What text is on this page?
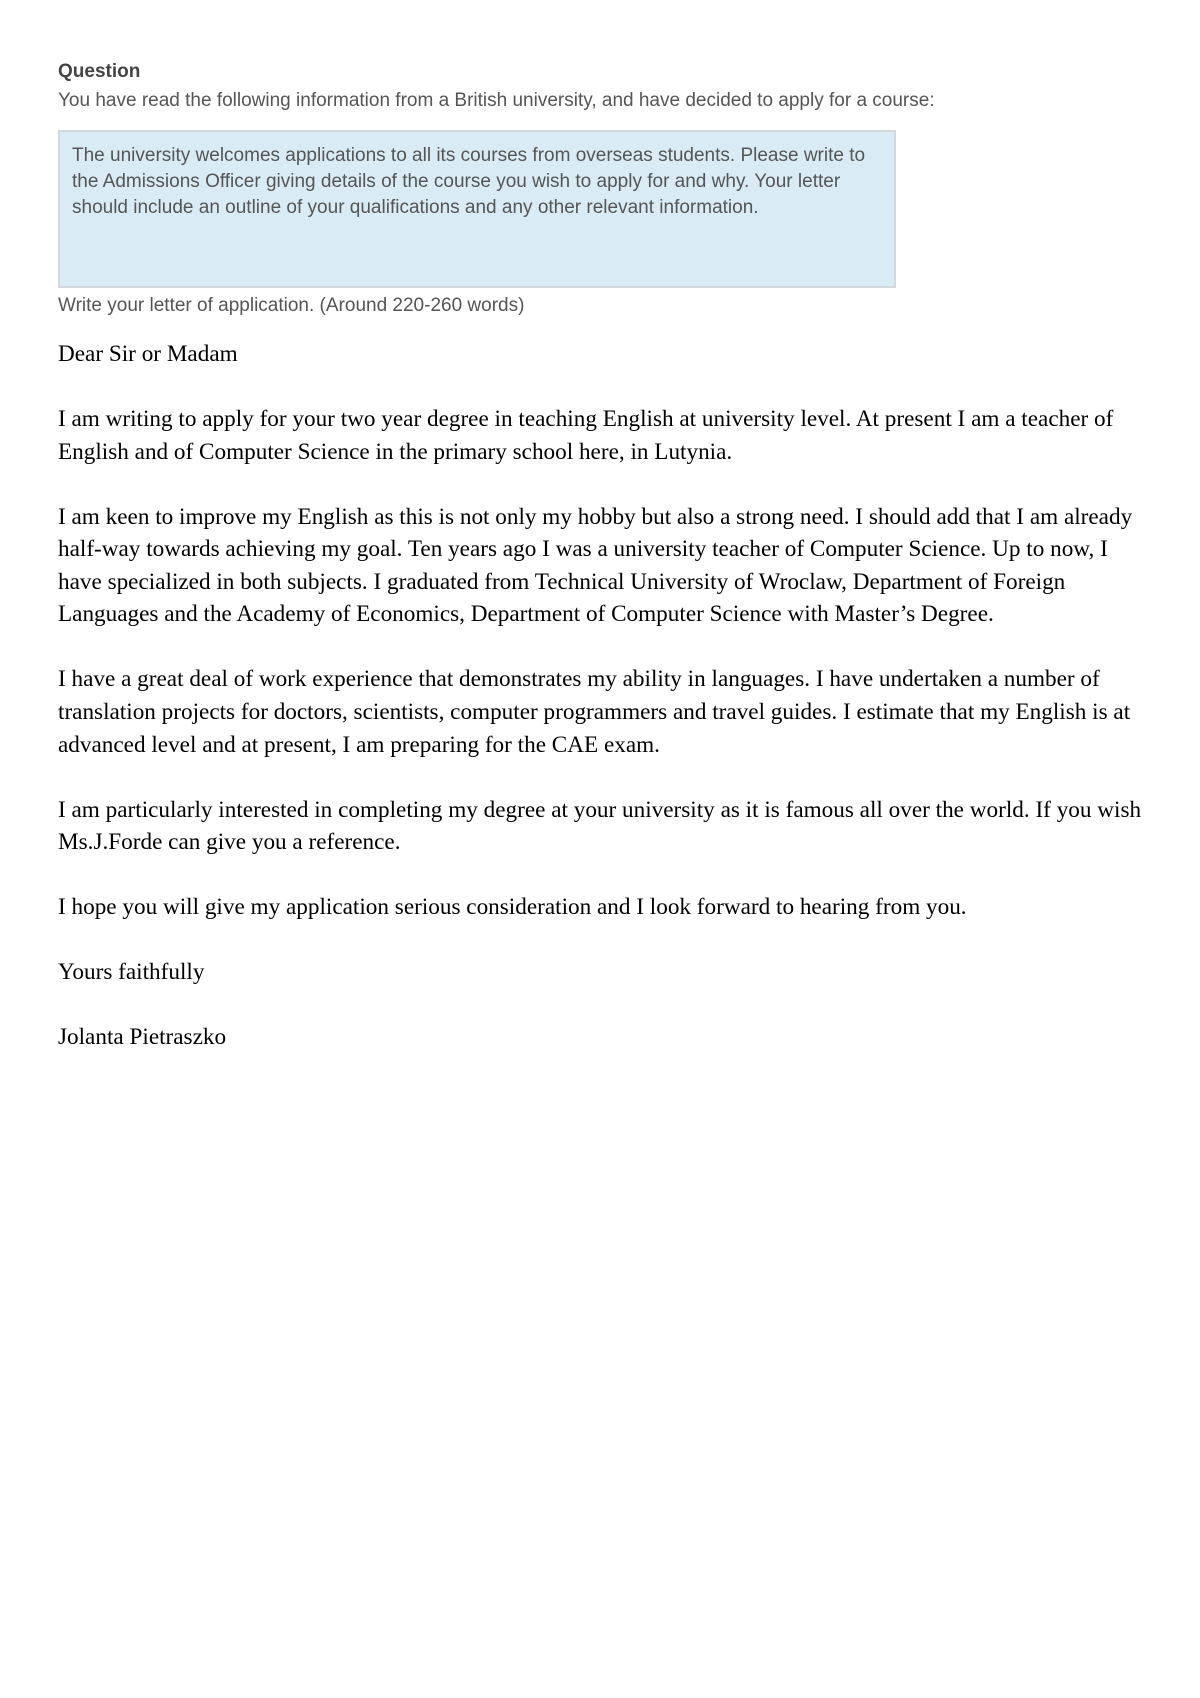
Question

You have read the following information from a British university, and have decided to apply for a course:

The university welcomes applications to all its courses from overseas students. Please write to the Admissions Officer giving details of the course you wish to apply for and why. Your letter should include an outline of your qualifications and any other relevant information.

Write your letter of application. (Around 220-260 words)

Dear Sir or Madam

I am writing to apply for your two year degree in teaching English at university level. At present I am a teacher of English and of Computer Science in the primary school here, in Lutynia.

I am keen to improve my English as this is not only my hobby but also a strong need. I should add that I am already half-way towards achieving my goal. Ten years ago I was a university teacher of Computer Science. Up to now, I have specialized in both subjects. I graduated from Technical University of Wroclaw, Department of Foreign Languages and the Academy of Economics, Department of Computer Science with Master’s Degree.

I have a great deal of work experience that demonstrates my ability in languages. I have undertaken a number of translation projects for doctors, scientists, computer programmers and travel guides. I estimate that my English is at advanced level and at present, I am preparing for the CAE exam.

I am particularly interested in completing my degree at your university as it is famous all over the world. If you wish Ms.J.Forde can give you a reference.

I hope you will give my application serious consideration and I look forward to hearing from you.

Yours faithfully

Jolanta Pietraszko
